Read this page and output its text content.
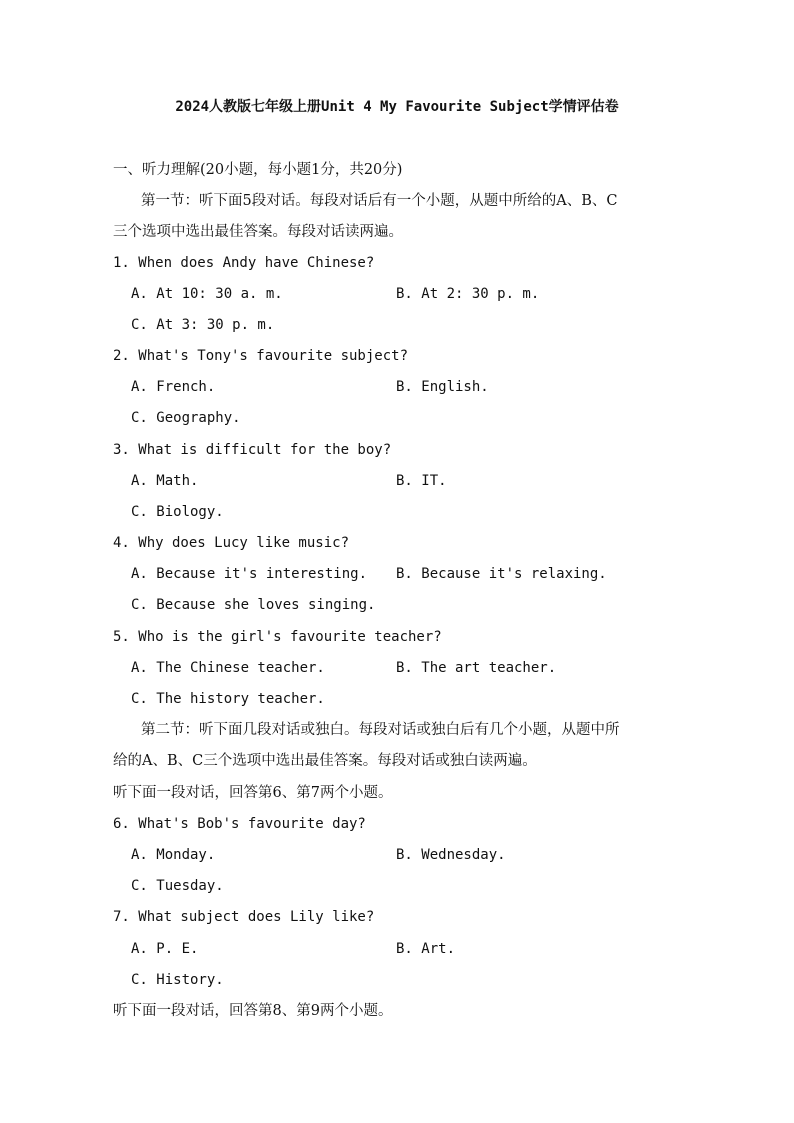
2024人教版七年级上册Unit 4 My Favourite Subject学情评估卷
一、听力理解(20小题，每小题1分，共20分)
第一节：听下面5段对话。每段对话后有一个小题，从题中所给的A、B、C
三个选项中选出最佳答案。每段对话读两遍。
1. When does Andy have Chinese?
A. At 10: 30 a. m.	B. At 2: 30 p. m.
C. At 3: 30 p. m.
2. What's Tony's favourite subject?
A. French.	B. English.
C. Geography.
3. What is difficult for the boy?
A. Math.	B. IT.
C. Biology.
4. Why does Lucy like music?
A. Because it's interesting. B. Because it's relaxing.
C. Because she loves singing.
5. Who is the girl's favourite teacher?
A. The Chinese teacher.	B. The art teacher.
C. The history teacher.
第二节：听下面几段对话或独白。每段对话或独白后有几个小题，从题中所
给的A、B、C三个选项中选出最佳答案。每段对话或独白读两遍。
听下面一段对话，回答第6、第7两个小题。
6. What's Bob's favourite day?
A. Monday.	B. Wednesday.
C. Tuesday.
7. What subject does Lily like?
A. P. E.	B. Art.
C. History.
听下面一段对话，回答第8、第9两个小题。
